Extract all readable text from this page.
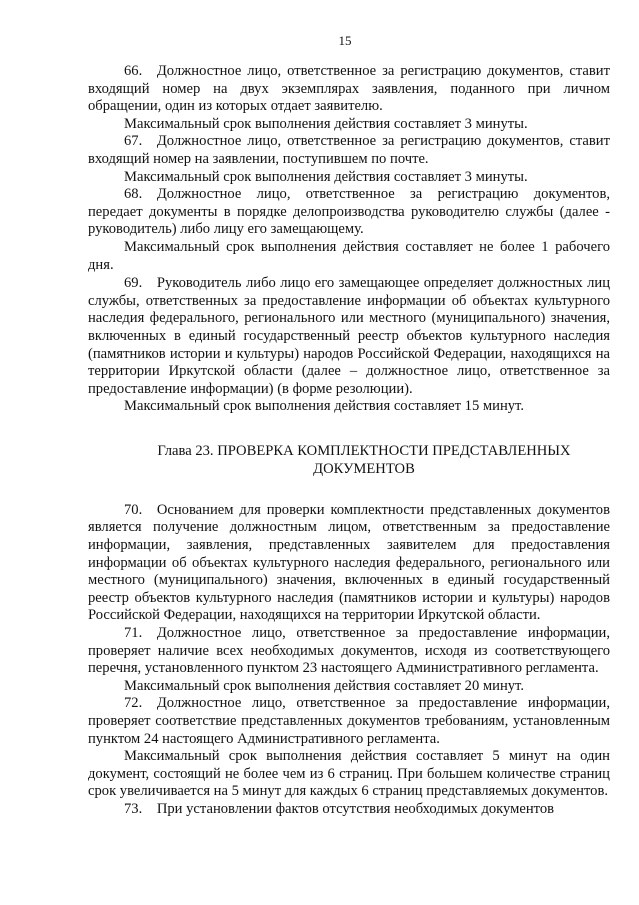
15

66. Должностное лицо, ответственное за регистрацию документов, ставит входящий номер на двух экземплярах заявления, поданного при личном обращении, один из которых отдает заявителю.

Максимальный срок выполнения действия составляет 3 минуты.

67. Должностное лицо, ответственное за регистрацию документов, ставит входящий номер на заявлении, поступившем по почте.

Максимальный срок выполнения действия составляет 3 минуты.

68. Должностное лицо, ответственное за регистрацию документов, передает документы в порядке делопроизводства руководителю службы (далее - руководитель) либо лицу его замещающему.

Максимальный срок выполнения действия составляет не более 1 рабочего дня.

69. Руководитель либо лицо его замещающее определяет должностных лиц службы, ответственных за предоставление информации об объектах культурного наследия федерального, регионального или местного (муниципального) значения, включенных в единый государственный реестр объектов культурного наследия (памятников истории и культуры) народов Российской Федерации, находящихся на территории Иркутской области (далее – должностное лицо, ответственное за предоставление информации) (в форме резолюции).

Максимальный срок выполнения действия составляет 15 минут.

Глава 23. ПРОВЕРКА КОМПЛЕКТНОСТИ ПРЕДСТАВЛЕННЫХ
ДОКУМЕНТОВ

70. Основанием для проверки комплектности представленных документов является получение должностным лицом, ответственным за предоставление информации, заявления, представленных заявителем для предоставления информации об объектах культурного наследия федерального, регионального или местного (муниципального) значения, включенных в единый государственный реестр объектов культурного наследия (памятников истории и культуры) народов Российской Федерации, находящихся на территории Иркутской области.

71. Должностное лицо, ответственное за предоставление информации, проверяет наличие всех необходимых документов, исходя из соответствующего перечня, установленного пунктом 23 настоящего Административного регламента.

Максимальный срок выполнения действия составляет 20 минут.

72. Должностное лицо, ответственное за предоставление информации, проверяет соответствие представленных документов требованиям, установленным пунктом 24 настоящего Административного регламента.

Максимальный срок выполнения действия составляет 5 минут на один документ, состоящий не более чем из 6 страниц. При большем количестве страниц срок увеличивается на 5 минут для каждых 6 страниц представляемых документов.

73. При установлении фактов отсутствия необходимых документов
